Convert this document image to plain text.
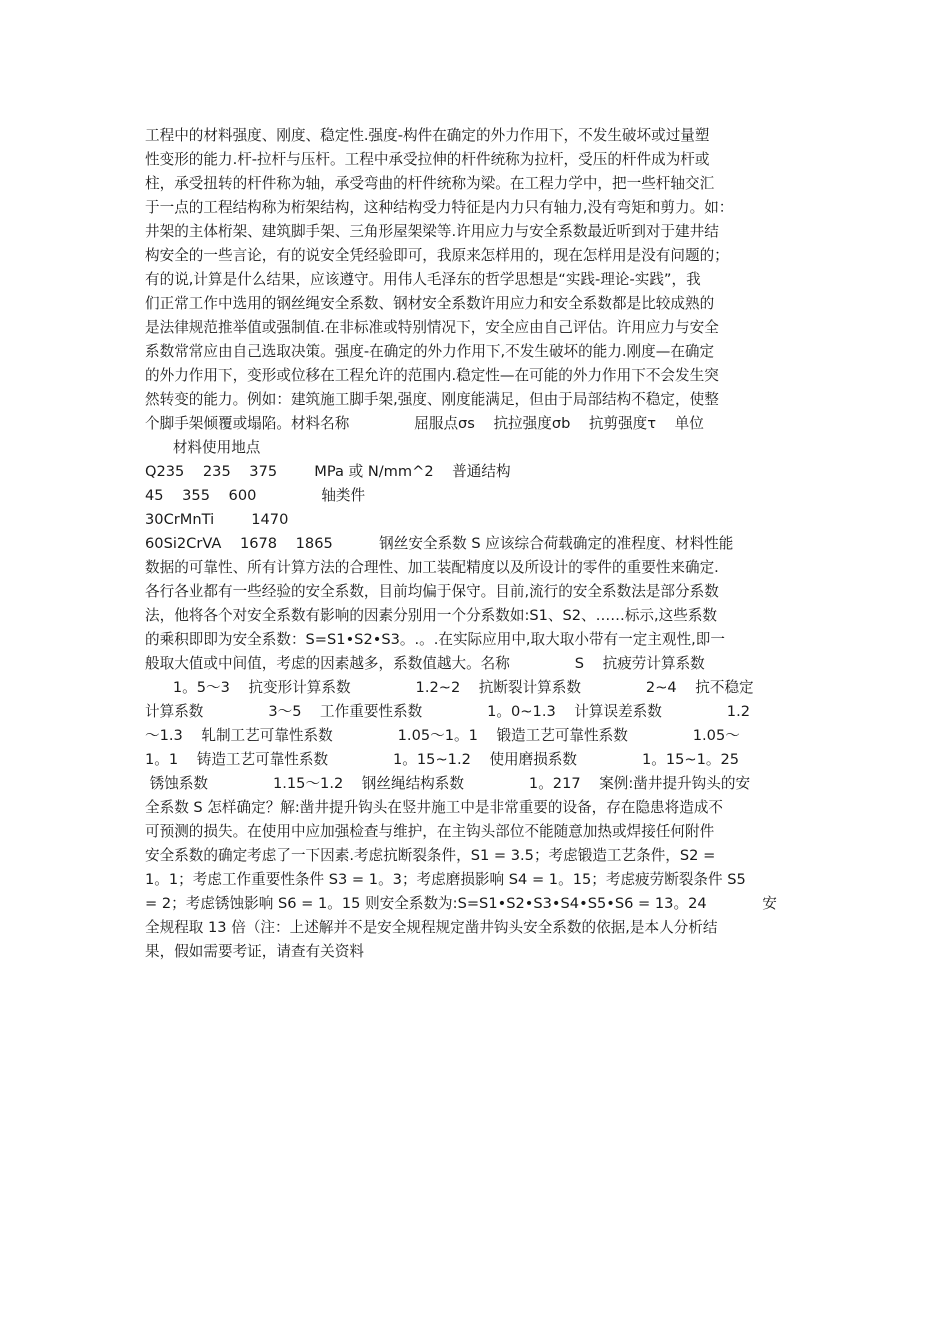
工程中的材料强度、刚度、稳定性.强度-构件在确定的外力作用下，不发生破坏或过量塑
性变形的能力.杆-拉杆与压杆。工程中承受拉伸的杆件统称为拉杆，受压的杆件成为杆或
柱，承受扭转的杆件称为轴，承受弯曲的杆件统称为梁。在工程力学中，把一些杆轴交汇
于一点的工程结构称为桁架结构，这种结构受力特征是内力只有轴力,没有弯矩和剪力。如：
井架的主体桁架、建筑脚手架、三角形屋架梁等.许用应力与安全系数最近听到对于建井结
构安全的一些言论，有的说安全凭经验即可，我原来怎样用的，现在怎样用是没有问题的；
有的说,计算是什么结果，应该遵守。用伟人毛泽东的哲学思想是“实践-理论-实践”，我
们正常工作中选用的钢丝绳安全系数、钢材安全系数许用应力和安全系数都是比较成熟的
是法律规范推举值或强制值.在非标准或特别情况下，安全应由自己评估。许用应力与安全
系数常常应由自己选取决策。强度-在确定的外力作用下,不发生破坏的能力.刚度—在确定
的外力作用下，变形或位移在工程允许的范围内.稳定性—在可能的外力作用下不会发生突
然转变的能力。例如：建筑施工脚手架,强度、刚度能满足，但由于局部结构不稳定，使整
个脚手架倾覆或塌陷。材料名称              屈服点σs    抗拉强度σb    抗剪强度τ    单位
材料使用地点
Q235    235    375        MPa 或 N/mm^2    普通结构
45    355    600              轴类件
30CrMnTi        1470
60Si2CrVA    1678    1865          钢丝安全系数 S 应该综合荷载确定的准程度、材料性能
数据的可靠性、所有计算方法的合理性、加工装配精度以及所设计的零件的重要性来确定.
各行各业都有一些经验的安全系数，目前均偏于保守。目前,流行的安全系数法是部分系数
法，他将各个对安全系数有影响的因素分别用一个分系数如:S1、S2、……标示,这些系数
的乘积即即为安全系数：S=S1•S2•S3。.。.在实际应用中,取大取小带有一定主观性,即一
般取大值或中间值，考虑的因素越多，系数值越大。名称              S    抗疲劳计算系数
1。5～3    抗变形计算系数              1.2~2    抗断裂计算系数              2~4    抗不稳定
计算系数              3～5    工作重要性系数              1。0~1.3    计算误差系数              1.2
～1.3    轧制工艺可靠性系数              1.05～1。1    锻造工艺可靠性系数              1.05～
1。1    铸造工艺可靠性系数              1。15~1.2    使用磨损系数              1。15~1。25
锈蚀系数              1.15～1.2    钢丝绳结构系数              1。217    案例:凿井提升钩头的安
全系数 S 怎样确定？解:凿井提升钩头在竖井施工中是非常重要的设备，存在隐患将造成不
可预测的损失。在使用中应加强检查与维护，在主钩头部位不能随意加热或焊接任何附件
安全系数的确定考虑了一下因素.考虑抗断裂条件，S1 = 3.5；考虑锻造工艺条件，S2 =
1。1；考虑工作重要性条件 S3 = 1。3；考虑磨损影响 S4 = 1。15；考虑疲劳断裂条件 S5
= 2；考虑锈蚀影响 S6 = 1。15 则安全系数为:S=S1•S2•S3•S4•S5•S6 = 13。24            安
全规程取 13 倍（注：上述解并不是安全规程规定凿井钩头安全系数的依据,是本人分析结
果，假如需要考证，请查有关资料
